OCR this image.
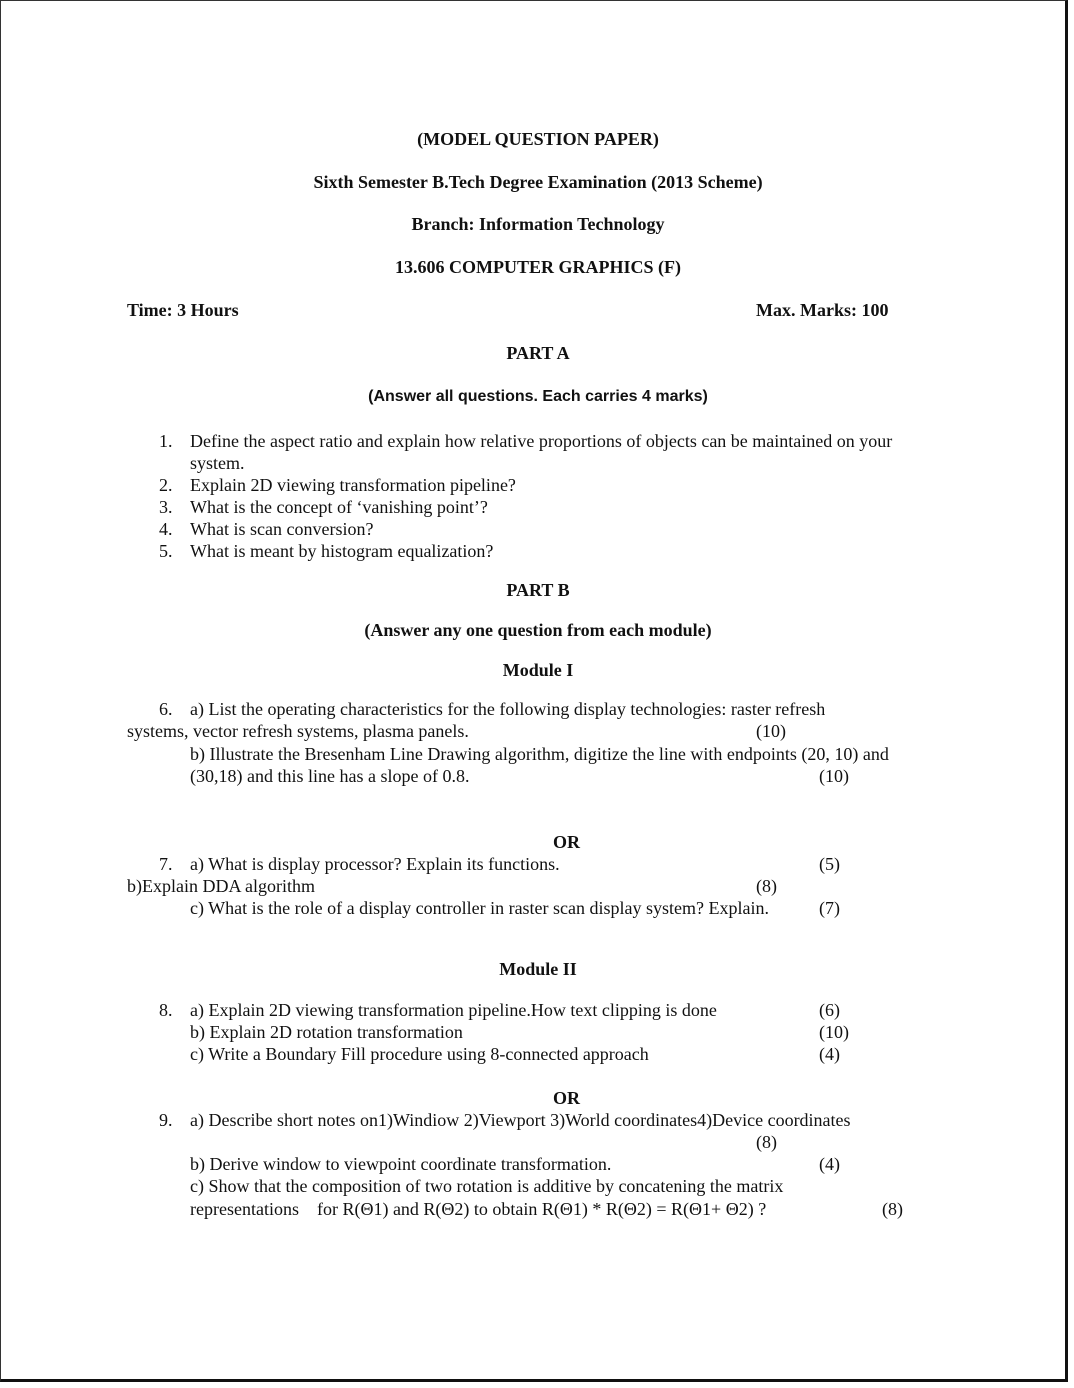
(MODEL QUESTION PAPER)
Sixth Semester B.Tech Degree Examination (2013 Scheme)
Branch: Information Technology
13.606 COMPUTER GRAPHICS (F)
Time: 3 Hours	Max. Marks: 100
PART A
(Answer all questions. Each carries 4 marks)
1. Define the aspect ratio and explain how relative proportions of objects can be maintained on your
system.
2. Explain 2D viewing transformation pipeline?
3. What is the concept of ‘vanishing point’?
4. What is scan conversion?
5. What is meant by histogram equalization?
PART B
(Answer any one question from each module)
Module I
6. a) List the operating characteristics for the following display technologies: raster refresh
systems, vector refresh systems, plasma panels.	(10)
b) Illustrate the Bresenham Line Drawing algorithm, digitize the line with endpoints (20, 10) and
(30,18) and this line has a slope of 0.8.	(10)
OR
7. a) What is display processor? Explain its functions.	(5)
b)Explain DDA algorithm	(8)
c) What is the role of a display controller in raster scan display system? Explain.	(7)
Module II
8. a) Explain 2D viewing transformation pipeline.How text clipping is done	(6)
b) Explain 2D rotation transformation	(10)
c) Write a Boundary Fill procedure using 8-connected approach	(4)
OR
9. a) Describe short notes on1)Windiow 2)Viewport 3)World coordinates4)Device coordinates
(8)
b) Derive window to viewpoint coordinate transformation.	(4)
c) Show that the composition of two rotation is additive by concatening the matrix
representations    for R(Θ1) and R(Θ2) to obtain R(Θ1) * R(Θ2) = R(Θ1+ Θ2) ?	(8)
